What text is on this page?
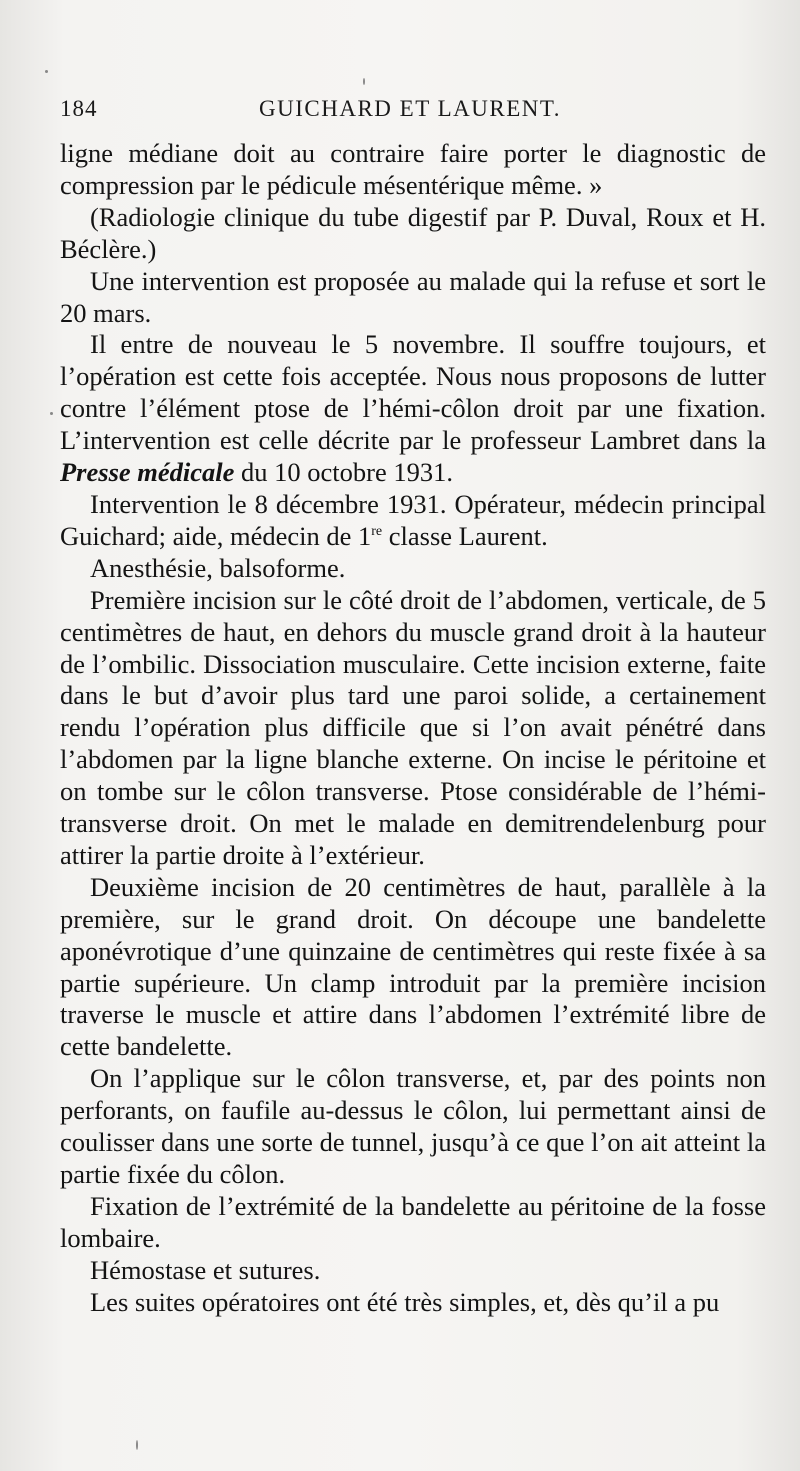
184	GUICHARD ET LAURENT.

ligne médiane doit au contraire faire porter le diagnostic de compression par le pédicule mésentérique même. »

(Radiologie clinique du tube digestif par P. Duval, Roux et H. Béclère.)

Une intervention est proposée au malade qui la refuse et sort le 20 mars.

Il entre de nouveau le 5 novembre. Il souffre toujours, et l’opération est cette fois acceptée. Nous nous proposons de lutter contre l’élément ptose de l’hémi-côlon droit par une fixation. L’intervention est celle décrite par le professeur Lambret dans la Presse médicale du 10 octobre 1931.

Intervention le 8 décembre 1931. Opérateur, médecin principal Guichard; aide, médecin de 1re classe Laurent.

Anesthésie, balsoforme.

Première incision sur le côté droit de l’abdomen, verticale, de 5 centimètres de haut, en dehors du muscle grand droit à la hauteur de l’ombilic. Dissociation musculaire. Cette incision externe, faite dans le but d’avoir plus tard une paroi solide, a certainement rendu l’opération plus difficile que si l’on avait pénétré dans l’abdomen par la ligne blanche externe. On incise le péritoine et on tombe sur le côlon transverse. Ptose considérable de l’hémi-transverse droit. On met le malade en demitrendelenburg pour attirer la partie droite à l’extérieur.

Deuxième incision de 20 centimètres de haut, parallèle à la première, sur le grand droit. On découpe une bandelette aponévrotique d’une quinzaine de centimètres qui reste fixée à sa partie supérieure. Un clamp introduit par la première incision traverse le muscle et attire dans l’abdomen l’extrémité libre de cette bandelette.

On l’applique sur le côlon transverse, et, par des points non perforants, on faufile au-dessus le côlon, lui permettant ainsi de coulisser dans une sorte de tunnel, jusqu’à ce que l’on ait atteint la partie fixée du côlon.

Fixation de l’extrémité de la bandelette au péritoine de la fosse lombaire.

Hémostase et sutures.

Les suites opératoires ont été très simples, et, dès qu’il a pu
